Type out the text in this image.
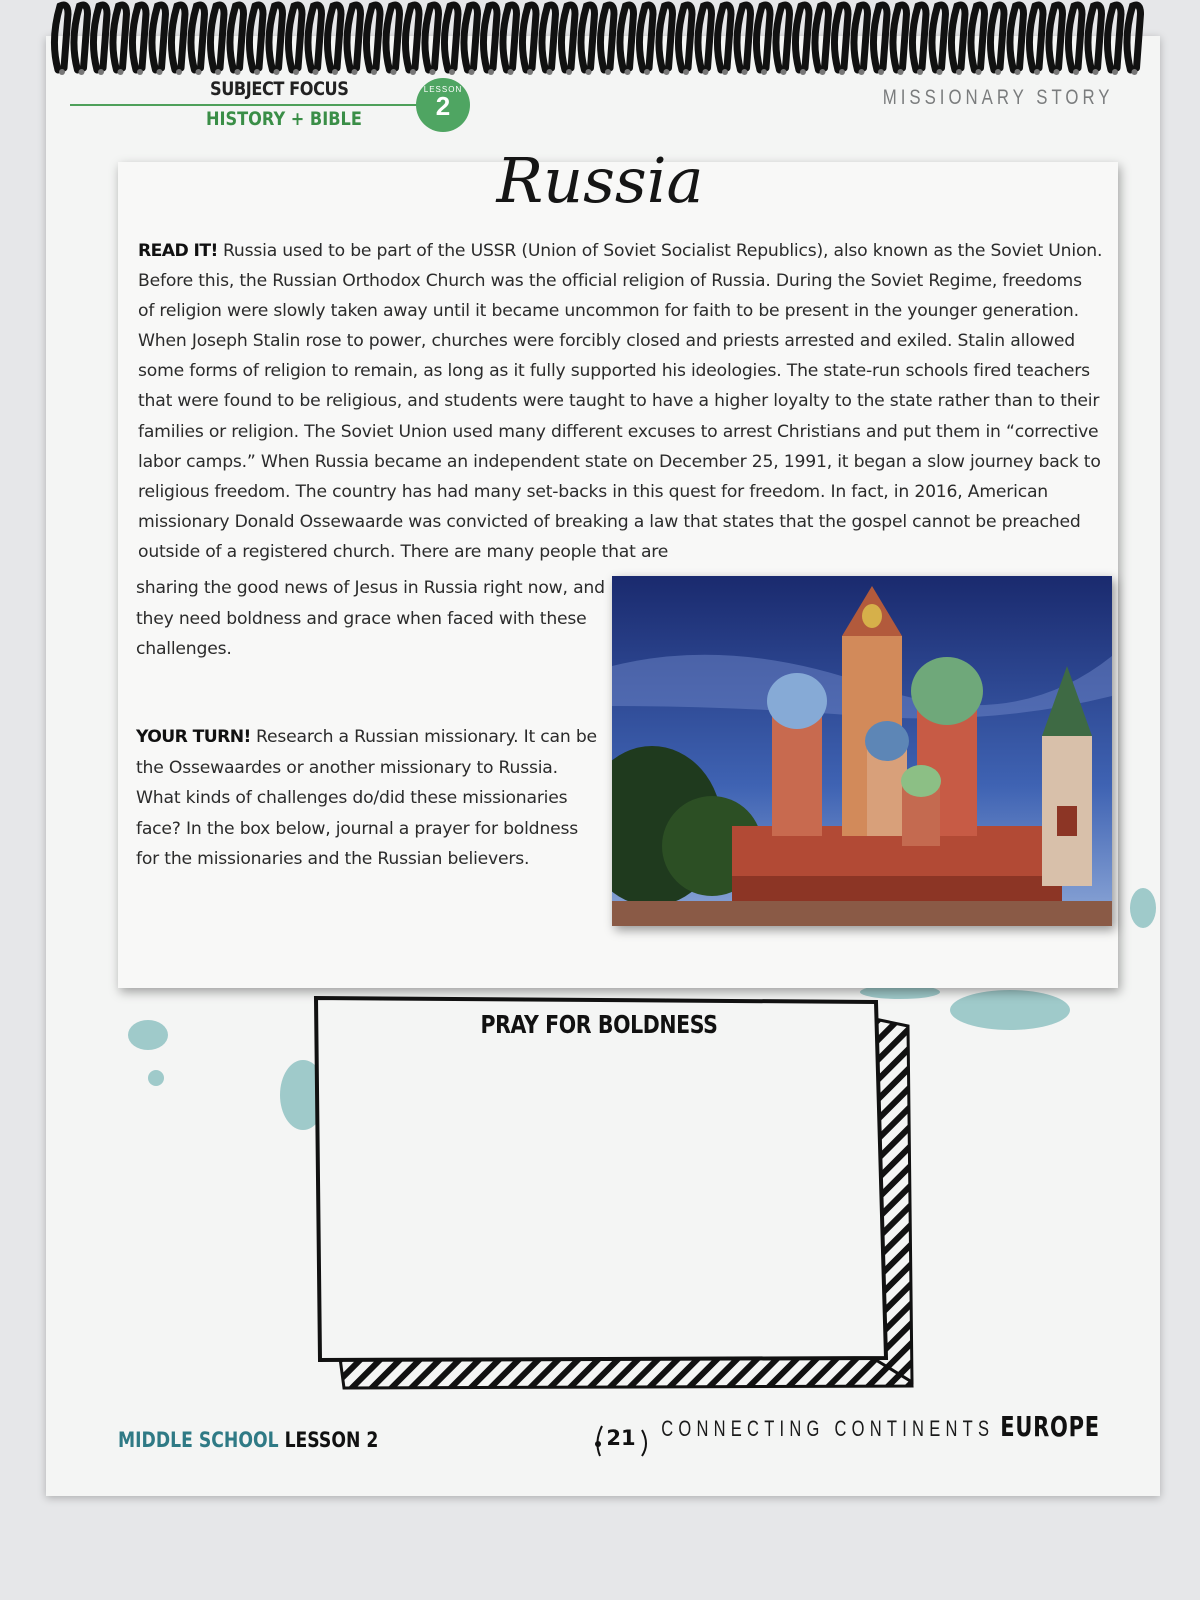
SUBJECT FOCUS
HISTORY + BIBLE
LESSON
2	MISSIONARY STORY
Russia
READ IT! Russia used to be part of the USSR (Union of Soviet Socialist Republics), also known as the Soviet Union. Before this, the Russian Orthodox Church was the official religion of Russia. During the Soviet Regime, freedoms of religion were slowly taken away until it became uncommon for faith to be present in the younger generation. When Joseph Stalin rose to power, churches were forcibly closed and priests arrested and exiled. Stalin allowed some forms of religion to remain, as long as it fully supported his ideologies. The state-run schools fired teachers that were found to be religious, and students were taught to have a higher loyalty to the state rather than to their families or religion. The Soviet Union used many different excuses to arrest Christians and put them in “corrective labor camps.” When Russia became an independent state on December 25, 1991, it began a slow journey back to religious freedom. The country has had many set-backs in this quest for freedom. In fact, in 2016, American missionary Donald Ossewaarde was convicted of breaking a law that states that the gospel cannot be preached outside of a registered church. There are many people that are
sharing the good news of Jesus in Russia right now, and they need boldness and grace when faced with these challenges.
YOUR TURN! Research a Russian missionary. It can be the Ossewaardes or another missionary to Russia. What kinds of challenges do/did these missionaries face? In the box below, journal a prayer for boldness for the missionaries and the Russian believers.
PRAY FOR BOLDNESS
MIDDLE SCHOOL LESSON 2	21	CONNECTING CONTINENTS EUROPE
